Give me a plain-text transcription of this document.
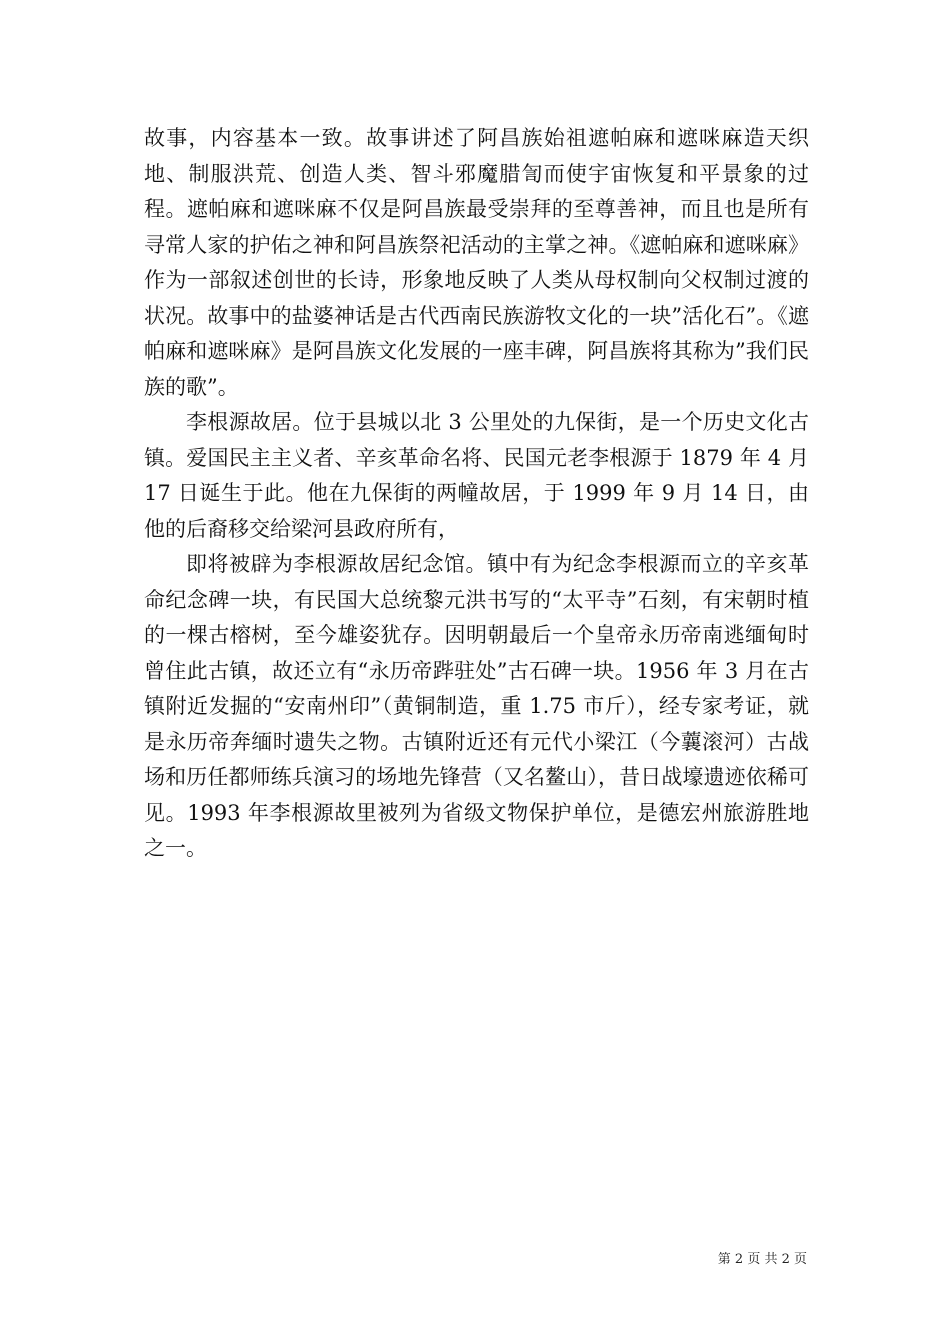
故事，内容基本一致。故事讲述了阿昌族始祖遮帕麻和遮咪麻造天织地、制服洪荒、创造人类、智斗邪魔腊訇而使宇宙恢复和平景象的过程。遮帕麻和遮咪麻不仅是阿昌族最受崇拜的至尊善神，而且也是所有寻常人家的护佑之神和阿昌族祭祀活动的主掌之神。《遮帕麻和遮咪麻》作为一部叙述创世的长诗，形象地反映了人类从母权制向父权制过渡的状况。故事中的盐婆神话是古代西南民族游牧文化的一块”活化石”。《遮帕麻和遮咪麻》是阿昌族文化发展的一座丰碑，阿昌族将其称为”我们民族的歌”。

李根源故居。位于县城以北 3 公里处的九保街，是一个历史文化古镇。爱国民主主义者、辛亥革命名将、民国元老李根源于 1879 年 4 月 17 日诞生于此。他在九保街的两幢故居，于 1999 年 9 月 14 日，由他的后裔移交给梁河县政府所有，

即将被辟为李根源故居纪念馆。镇中有为纪念李根源而立的辛亥革命纪念碑一块，有民国大总统黎元洪书写的“太平寺”石刻，有宋朝时植的一棵古榕树，至今雄姿犹存。因明朝最后一个皇帝永历帝南逃缅甸时曾住此古镇，故还立有“永历帝跸驻处”古石碑一块。1956 年 3 月在古镇附近发掘的“安南州印”（黄铜制造，重 1.75 市斤），经专家考证，就是永历帝奔缅时遗失之物。古镇附近还有元代小梁江（今蘘滚河）古战场和历任都师练兵演习的场地先锋营（又名鳌山），昔日战壕遗迹依稀可见。1993 年李根源故里被列为省级文物保护单位，是德宏州旅游胜地之一。

第 2 页 共 2 页
